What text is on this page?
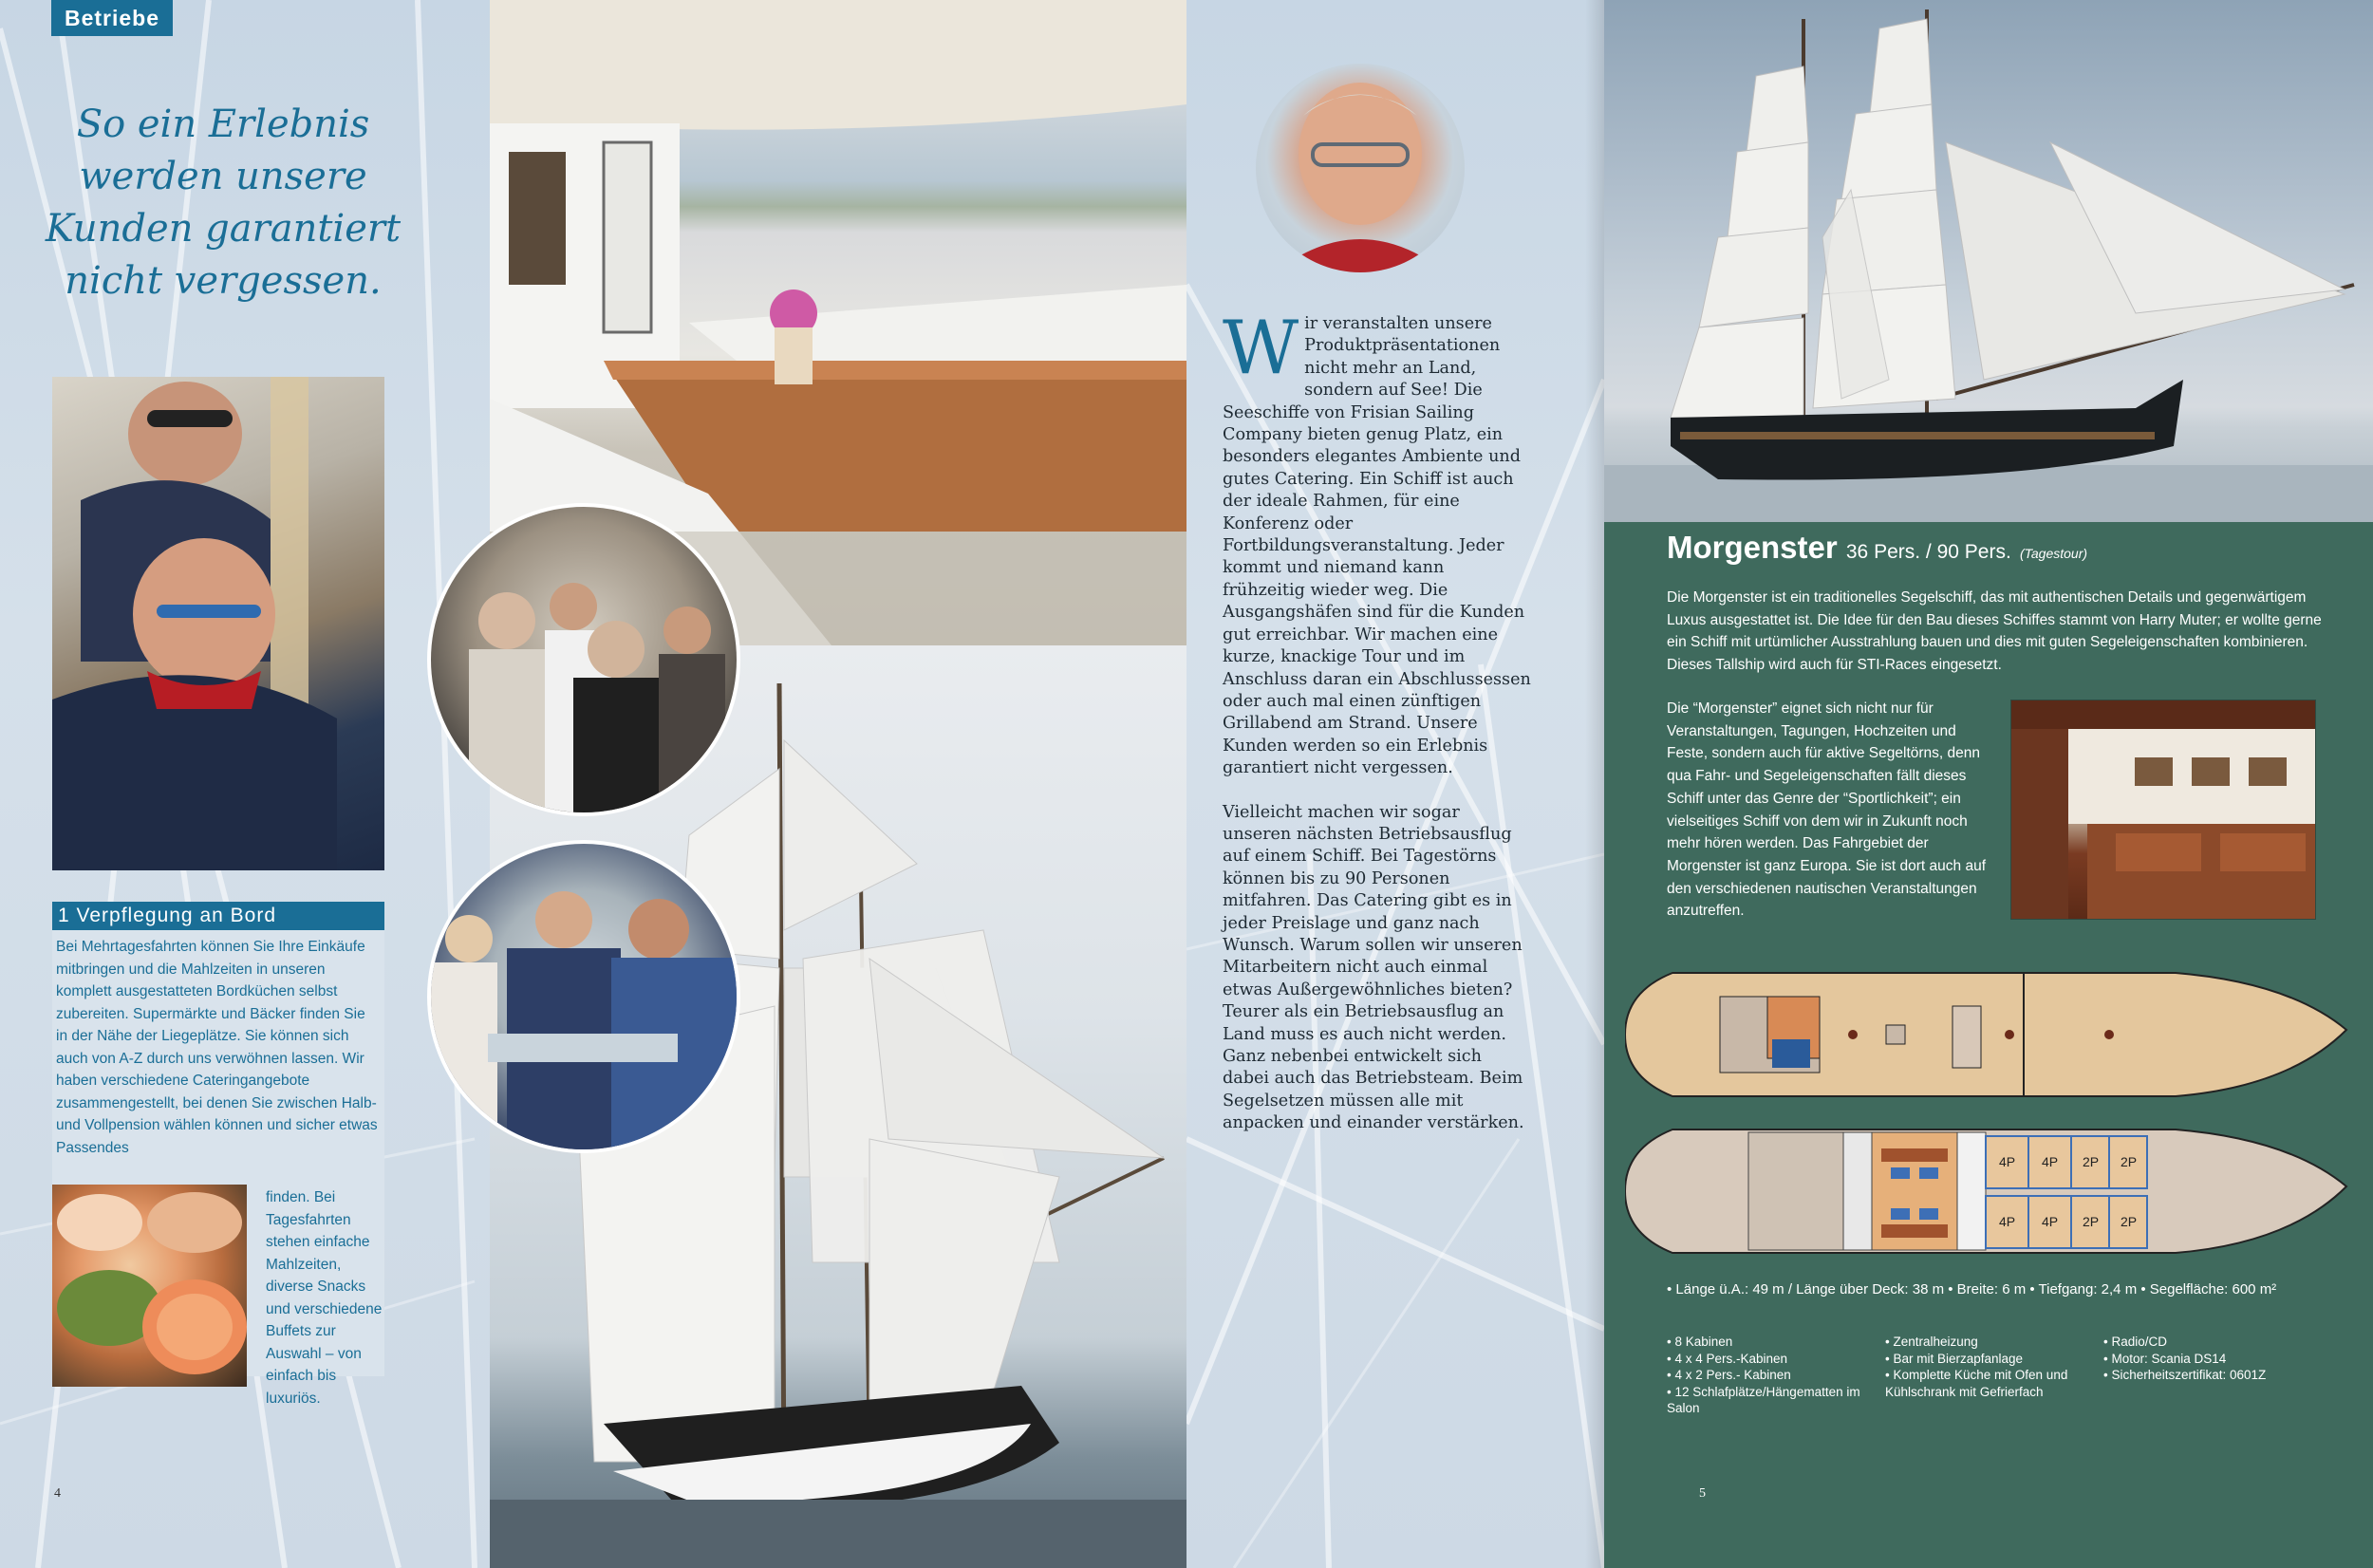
Betriebe
So ein Erlebnis werden unsere Kunden garantiert nicht vergessen.
1 Verpflegung an Bord
Bei Mehrtagesfahrten können Sie Ihre Einkäufe mitbringen und die Mahlzeiten in unseren komplett ausgestatteten Bordküchen selbst zubereiten. Supermärkte und Bäcker finden Sie in der Nähe der Liegeplätze. Sie können sich auch von A-Z durch uns verwöhnen lassen. Wir haben verschiedene Cateringangebote zusammengestellt, bei denen Sie zwischen Halb- und Vollpension wählen können und sicher etwas Passendes
finden. Bei Tagesfahrten stehen einfache Mahlzeiten, diverse Snacks und verschiedene Buffets zur Auswahl – von einfach bis luxuriös.
Wir veranstalten unsere Produktpräsentationen nicht mehr an Land, sondern auf See! Die Seeschiffe von Frisian Sailing Company bieten genug Platz, ein besonders elegantes Ambiente und gutes Catering. Ein Schiff ist auch der ideale Rahmen, für eine Konferenz oder Fortbildungsveranstaltung. Jeder kommt und niemand kann frühzeitig wieder weg. Die Ausgangshäfen sind für die Kunden gut erreichbar. Wir machen eine kurze, knackige Tour und im Anschluss daran ein Abschlussessen oder auch mal einen zünftigen Grillabend am Strand. Unsere Kunden werden so ein Erlebnis garantiert nicht vergessen.
Vielleicht machen wir sogar unseren nächsten Betriebsausflug auf einem Schiff. Bei Tagestörns können bis zu 90 Personen mitfahren. Das Catering gibt es in jeder Preislage und ganz nach Wunsch. Warum sollen wir unseren Mitarbeitern nicht auch einmal etwas Außergewöhnliches bieten? Teurer als ein Betriebsausflug an Land muss es auch nicht werden. Ganz nebenbei entwickelt sich dabei auch das Betriebsteam. Beim Segelsetzen müssen alle mit anpacken und einander verstärken.
4
Morgenster 36 Pers. / 90 Pers. (Tagestour)
Die Morgenster ist ein traditionelles Segelschiff, das mit authentischen Details und gegenwärtigem Luxus ausgestattet ist. Die Idee für den Bau dieses Schiffes stammt von Harry Muter; er wollte gerne ein Schiff mit urtümlicher Ausstrahlung bauen und dies mit guten Segeleigenschaften kombinieren. Dieses Tallship wird auch für STI-Races eingesetzt.
Die “Morgenster” eignet sich nicht nur für Veranstaltungen, Tagungen, Hochzeiten und Feste, sondern auch für aktive Segeltörns, denn qua Fahr- und Segeleigenschaften fällt dieses Schiff unter das Genre der “Sportlichkeit”; ein vielseitiges Schiff von dem wir in Zukunft noch mehr hören werden. Das Fahrgebiet der Morgenster ist ganz Europa. Sie ist dort auch auf den verschiedenen nautischen Veranstaltungen anzutreffen.
4P 4P 2P 2P
4P 4P 2P 2P
• Länge ü.A.: 49 m / Länge über Deck: 38 m • Breite: 6 m • Tiefgang: 2,4 m • Segelfläche: 600 m²
• 8 Kabinen
• 4 x 4 Pers.-Kabinen
• 4 x 2 Pers.- Kabinen
• 12 Schlafplätze/Hängematten im Salon
• Zentralheizung
• Bar mit Bierzapfanlage
• Komplette Küche mit Ofen und Kühlschrank mit Gefrierfach
• Radio/CD
• Motor: Scania DS14
• Sicherheitszertifikat: 0601Z
5
